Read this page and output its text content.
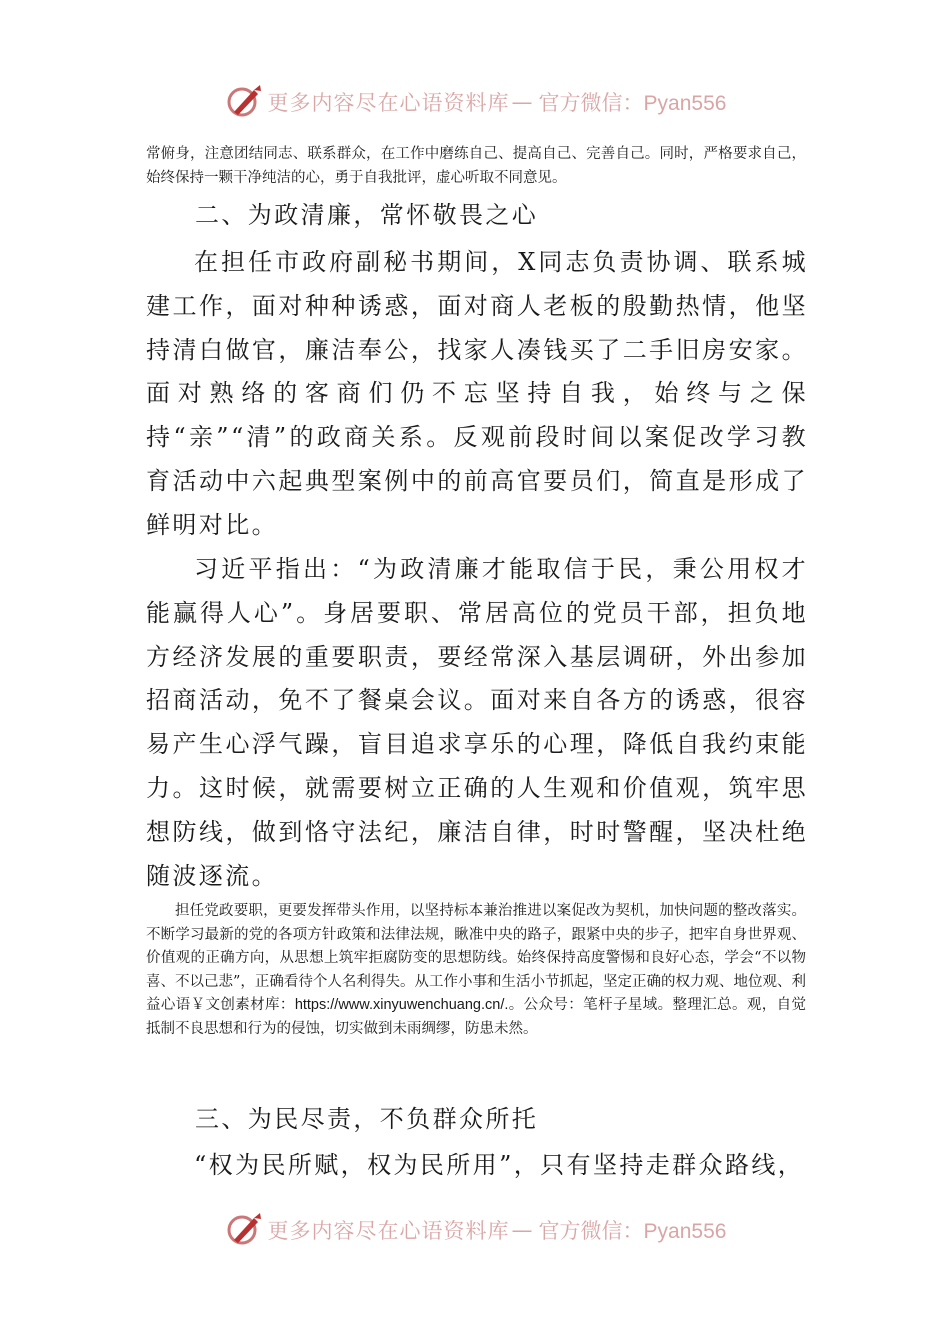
更多内容尽在心语资料库 — 官方微信：Pyan556

常俯身，注意团结同志、联系群众，在工作中磨练自己、提高自己、完善自己。同时，严格要求自己，始终保持一颗干净纯洁的心，勇于自我批评，虚心听取不同意见。

二、为政清廉，常怀敬畏之心

在担任市政府副秘书期间，X同志负责协调、联系城建工作，面对种种诱惑，面对商人老板的殷勤热情，他坚持清白做官，廉洁奉公，找家人凑钱买了二手旧房安家。面对熟络的客商们仍不忘坚持自我，始终与之保持“亲”“清”的政商关系。反观前段时间以案促改学习教育活动中六起典型案例中的前高官要员们，简直是形成了鲜明对比。

习近平指出：“为政清廉才能取信于民，秉公用权才能赢得人心”。身居要职、常居高位的党员干部，担负地方经济发展的重要职责，要经常深入基层调研，外出参加招商活动，免不了餐桌会议。面对来自各方的诱惑，很容易产生心浮气躁，盲目追求享乐的心理，降低自我约束能力。这时候，就需要树立正确的人生观和价值观，筑牢思想防线，做到恪守法纪，廉洁自律，时时警醒，坚决杜绝随波逐流。

担任党政要职，更要发挥带头作用，以坚持标本兼治推进以案促改为契机，加快问题的整改落实。不断学习最新的党的各项方针政策和法律法规，瞅准中央的路子，跟紧中央的步子，把牢自身世界观、价值观的正确方向，从思想上筑牢拒腐防变的思想防线。始终保持高度警惕和良好心态，学会“不以物喜、不以己悲”，正确看待个人名利得失。从工作小事和生活小节抓起，坚定正确的权力观、地位观、利益心语￥文创素材库：https://www.xinyuwenchuang.cn/.。公众号：笔杆子星域。整理汇总。观，自觉抵制不良思想和行为的侵蚀，切实做到未雨绸缪，防患未然。

三、为民尽责，不负群众所托

“权为民所赋，权为民所用”，只有坚持走群众路线，

更多内容尽在心语资料库 — 官方微信：Pyan556
